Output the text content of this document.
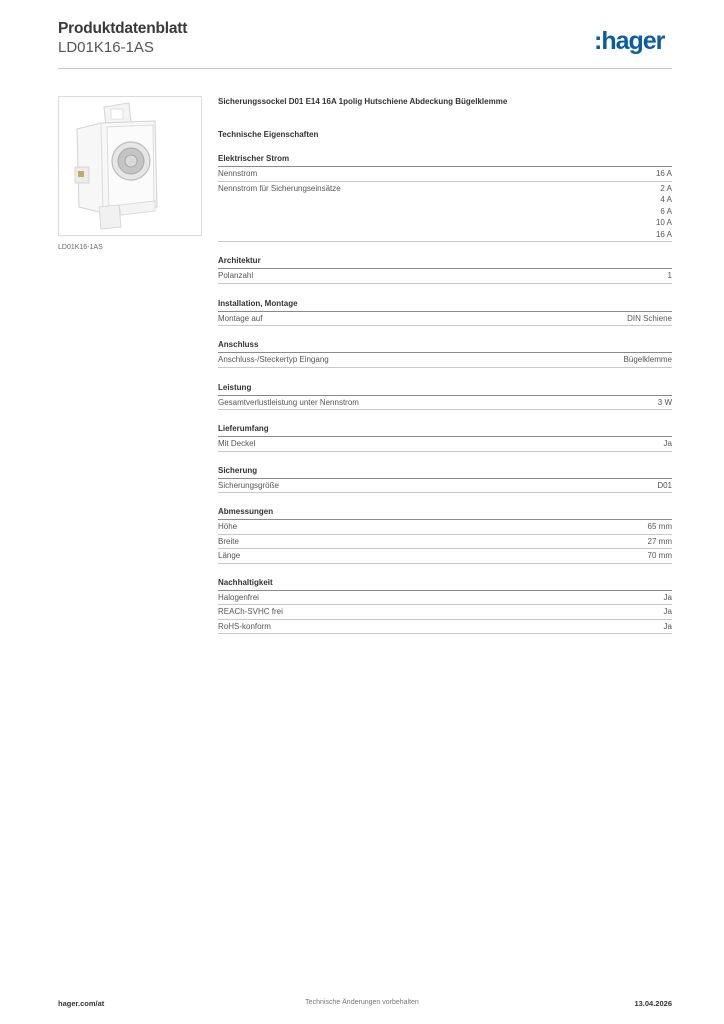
Produktdatenblatt
LD01K16-1AS	:hager
LD01K16-1AS
Sicherungssockel D01 E14 16A 1polig Hutschiene Abdeckung Bügelklemme
Technische Eigenschaften
Elektrischer Strom
Nennstrom	16 A
Nennstrom für Sicherungseinsätze	2 A
4 A
6 A
10 A
16 A
Architektur
Polanzahl	1
Installation, Montage
Montage auf	DIN Schiene
Anschluss
Anschluss-/Steckertyp Eingang	Bügelklemme
Leistung
Gesamtverlustleistung unter Nennstrom	3 W
Lieferumfang
Mit Deckel	Ja
Sicherung
Sicherungsgröße	D01
Abmessungen
Höhe	65 mm
Breite	27 mm
Länge	70 mm
Nachhaltigkeit
Halogenfrei	Ja
REACh-SVHC frei	Ja
RoHS-konform	Ja
hager.com/at	Technische Änderungen vorbehalten	13.04.2026
